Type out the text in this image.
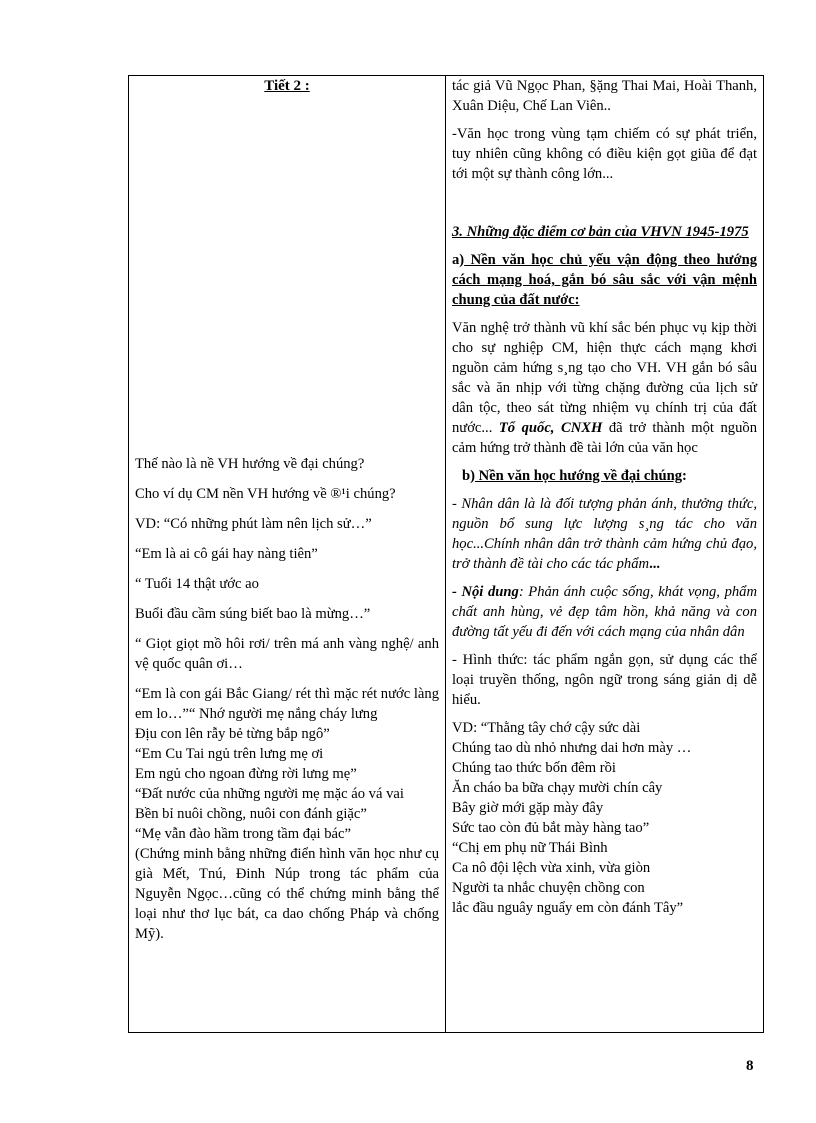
Tiết 2 :

Thế nào là nề VH hướng về đại chúng?

Cho ví dụ CM nền VH hướng về ®¹i chúng?

VD: “Có những phút làm nên lịch sử…”

“Em là ai cô gái hay nàng tiên”

“ Tuổi 14 thật ước ao

Buổi đầu cầm súng biết bao là mừng…”

“ Giọt giọt mồ hôi rơi/ trên má anh vàng nghệ/ anh vệ quốc quân ơi…

“Em là con gái Bắc Giang/ rét thì mặc rét nước làng em lo…”“ Nhớ người mẹ nắng cháy lưng

Địu con lên rẫy bẻ từng bắp ngô”

“Em Cu Tai ngủ trên lưng mẹ ơi

Em ngủ cho ngoan đừng rời lưng mẹ”

“Đất nước của những người mẹ mặc áo vá vai

Bền bỉ nuôi chồng, nuôi con đánh giặc”

“Mẹ vẫn đào hầm trong tầm đại bác”

(Chứng minh bằng những điển hình văn học như cụ già Mết, Tnú, Đinh Núp trong tác phẩm của Nguyễn Ngọc…cũng có thể chứng minh bằng thể loại như thơ lục bát, ca dao chống Pháp và chống Mỹ).

tác giả Vũ Ngọc Phan, §ặng Thai Mai, Hoài Thanh, Xuân Diệu, Chế Lan Viên..

-Văn học trong vùng tạm chiếm có sự phát triển, tuy nhiên cũng không có điều kiện gọt giũa để đạt tới một sự thành công lớn...

3. Những đặc điểm cơ bản của VHVN 1945-1975

a) Nền văn học chủ yếu vận động theo hướng cách mạng hoá, gắn bó sâu sắc với vận mệnh chung của đất nước:

Văn nghệ trở thành vũ khí sắc bén phục vụ kịp thời cho sự nghiệp CM, hiện thực cách mạng khơi nguồn cảm hứng s¸ng tạo cho VH. VH gắn bó sâu sắc và ăn nhịp với từng chặng đường của lịch sử dân tộc, theo sát từng nhiệm vụ chính trị của đất nước... Tổ quốc, CNXH đã trở thành một nguồn cảm hứng trở thành đề tài lớn của văn học

b) Nền văn học hướng về đại chúng:

- Nhân dân là là đối tượng phản ánh, thưởng thức, nguồn bổ sung lực lượng s¸ng tác cho văn học...Chính nhân dân trở thành cảm hứng chủ đạo, trở thành đề tài cho các tác phẩm...

- Nội dung: Phản ánh cuộc sống, khát vọng, phẩm chất anh hùng, vẻ đẹp tâm hồn, khả năng và con đường tất yếu đi đến với cách mạng của nhân dân

- Hình thức: tác phẩm ngắn gọn, sử dụng các thể loại truyền thống, ngôn ngữ trong sáng giản dị dễ hiểu.

VD: “Thằng tây chớ cậy sức dài

Chúng tao dù nhỏ nhưng dai hơn mày …

Chúng tao thức bốn đêm rồi

Ăn cháo ba bữa chạy mười chín cây

Bây giờ mới gặp mày đây

Sức tao còn đủ bắt mày hàng tao”

“Chị em phụ nữ Thái Bình

Ca nô đội lệch vừa xinh, vừa giòn

Người ta nhắc chuyện chồng con

lắc đầu nguây nguẩy em còn đánh Tây”

8
